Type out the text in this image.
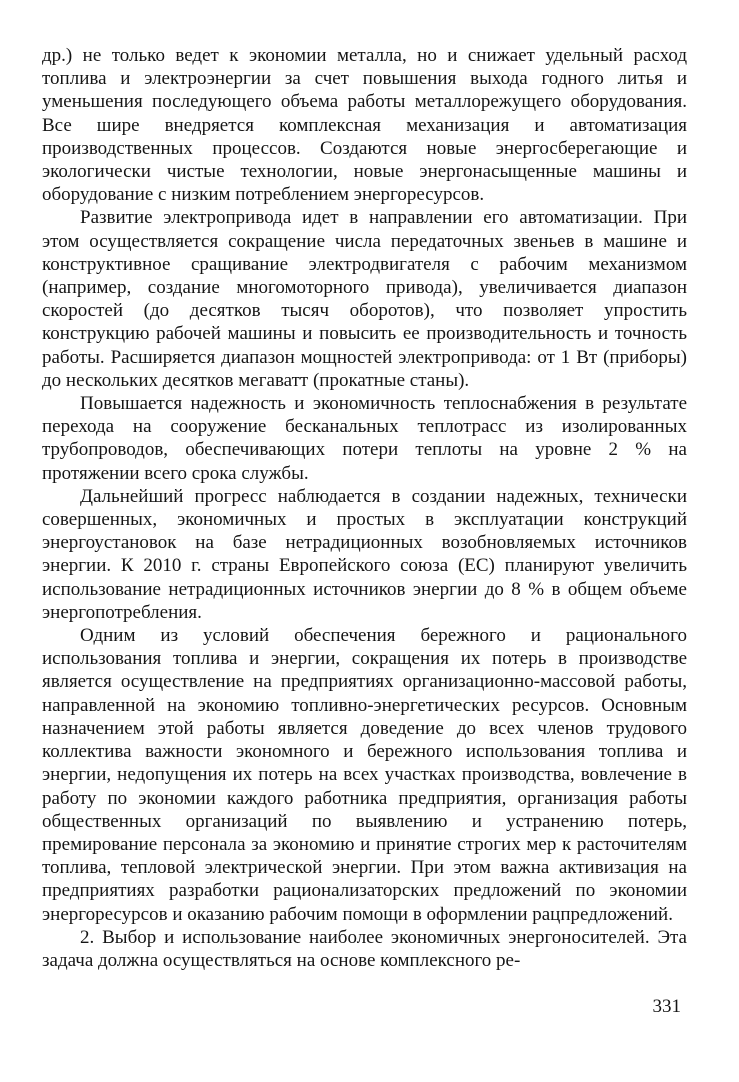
др.) не только ведет к экономии металла, но и снижает удельный расход топлива и электроэнергии за счет повышения выхода годного литья и уменьшения последующего объема работы металлорежущего оборудования. Все шире внедряется комплексная механизация и автоматизация производственных процессов. Создаются новые энергосберегающие и экологически чистые технологии, новые энергонасыщенные машины и оборудование с низким потреблением энергоресурсов.

Развитие электропривода идет в направлении его автоматизации. При этом осуществляется сокращение числа передаточных звеньев в машине и конструктивное сращивание электродвигателя с рабочим механизмом (например, создание многомоторного привода), увеличивается диапазон скоростей (до десятков тысяч оборотов), что позволяет упростить конструкцию рабочей машины и повысить ее производительность и точность работы. Расширяется диапазон мощностей электропривода: от 1 Вт (приборы) до нескольких десятков мегаватт (прокатные станы).

Повышается надежность и экономичность теплоснабжения в результате перехода на сооружение бесканальных теплотрасс из изолированных трубопроводов, обеспечивающих потери теплоты на уровне 2 % на протяжении всего срока службы.

Дальнейший прогресс наблюдается в создании надежных, технически совершенных, экономичных и простых в эксплуатации конструкций энергоустановок на базе нетрадиционных возобновляемых источников энергии. К 2010 г. страны Европейского союза (ЕС) планируют увеличить использование нетрадиционных источников энергии до 8 % в общем объеме энергопотребления.

Одним из условий обеспечения бережного и рационального использования топлива и энергии, сокращения их потерь в производстве является осуществление на предприятиях организационно-массовой работы, направленной на экономию топливно-энергетических ресурсов. Основным назначением этой работы является доведение до всех членов трудового коллектива важности экономного и бережного использования топлива и энергии, недопущения их потерь на всех участках производства, вовлечение в работу по экономии каждого работника предприятия, организация работы общественных организаций по выявлению и устранению потерь, премирование персонала за экономию и принятие строгих мер к расточителям топлива, тепловой электрической энергии. При этом важна активизация на предприятиях разработки рационализаторских предложений по экономии энергоресурсов и оказанию рабочим помощи в оформлении рацпредложений.

2. Выбор и использование наиболее экономичных энергоносителей. Эта задача должна осуществляться на основе комплексного ре-

331
